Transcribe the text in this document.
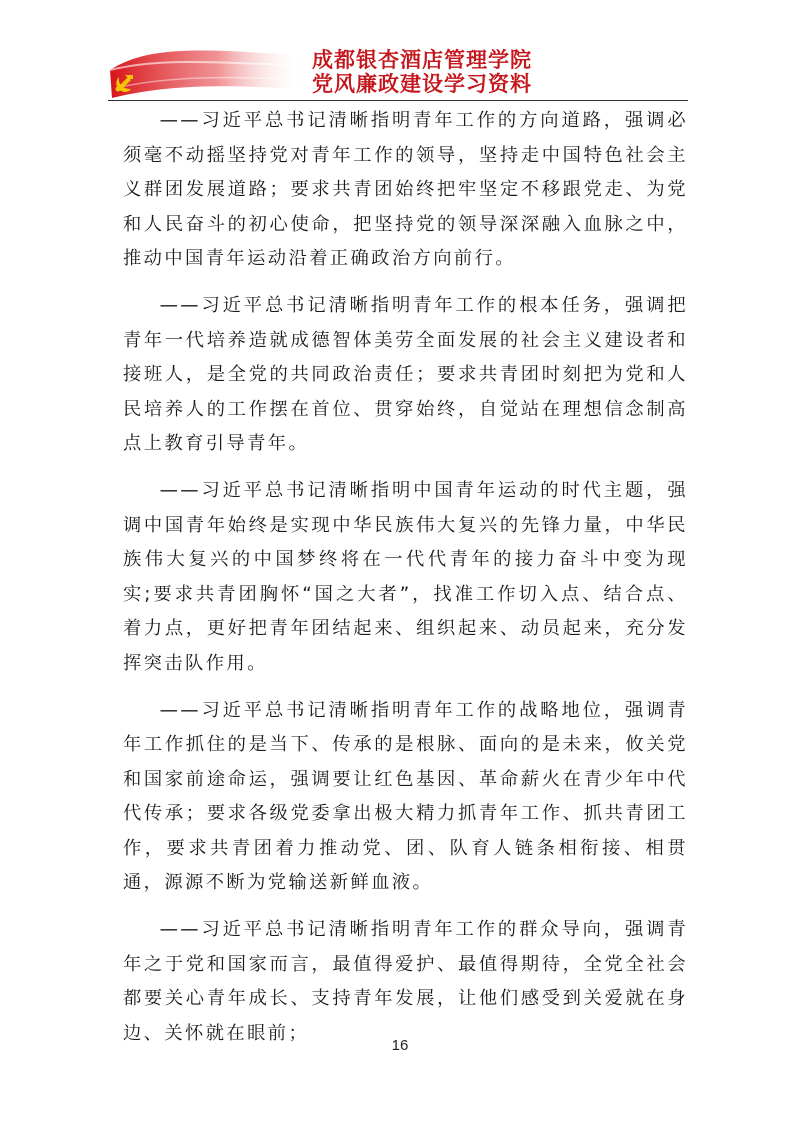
成都银杏酒店管理学院
党风廉政建设学习资料

——习近平总书记清晰指明青年工作的方向道路，强调必须毫不动摇坚持党对青年工作的领导，坚持走中国特色社会主义群团发展道路；要求共青团始终把牢坚定不移跟党走、为党和人民奋斗的初心使命，把坚持党的领导深深融入血脉之中，推动中国青年运动沿着正确政治方向前行。

——习近平总书记清晰指明青年工作的根本任务，强调把青年一代培养造就成德智体美劳全面发展的社会主义建设者和接班人，是全党的共同政治责任；要求共青团时刻把为党和人民培养人的工作摆在首位、贯穿始终，自觉站在理想信念制高点上教育引导青年。

——习近平总书记清晰指明中国青年运动的时代主题，强调中国青年始终是实现中华民族伟大复兴的先锋力量，中华民族伟大复兴的中国梦终将在一代代青年的接力奋斗中变为现实;要求共青团胸怀“国之大者”，找准工作切入点、结合点、着力点，更好把青年团结起来、组织起来、动员起来，充分发挥突击队作用。

——习近平总书记清晰指明青年工作的战略地位，强调青年工作抓住的是当下、传承的是根脉、面向的是未来，攸关党和国家前途命运，强调要让红色基因、革命薪火在青少年中代代传承；要求各级党委拿出极大精力抓青年工作、抓共青团工作，要求共青团着力推动党、团、队育人链条相衔接、相贯通，源源不断为党输送新鲜血液。

——习近平总书记清晰指明青年工作的群众导向，强调青年之于党和国家而言，最值得爱护、最值得期待，全党全社会都要关心青年成长、支持青年发展，让他们感受到关爱就在身边、关怀就在眼前；

16
